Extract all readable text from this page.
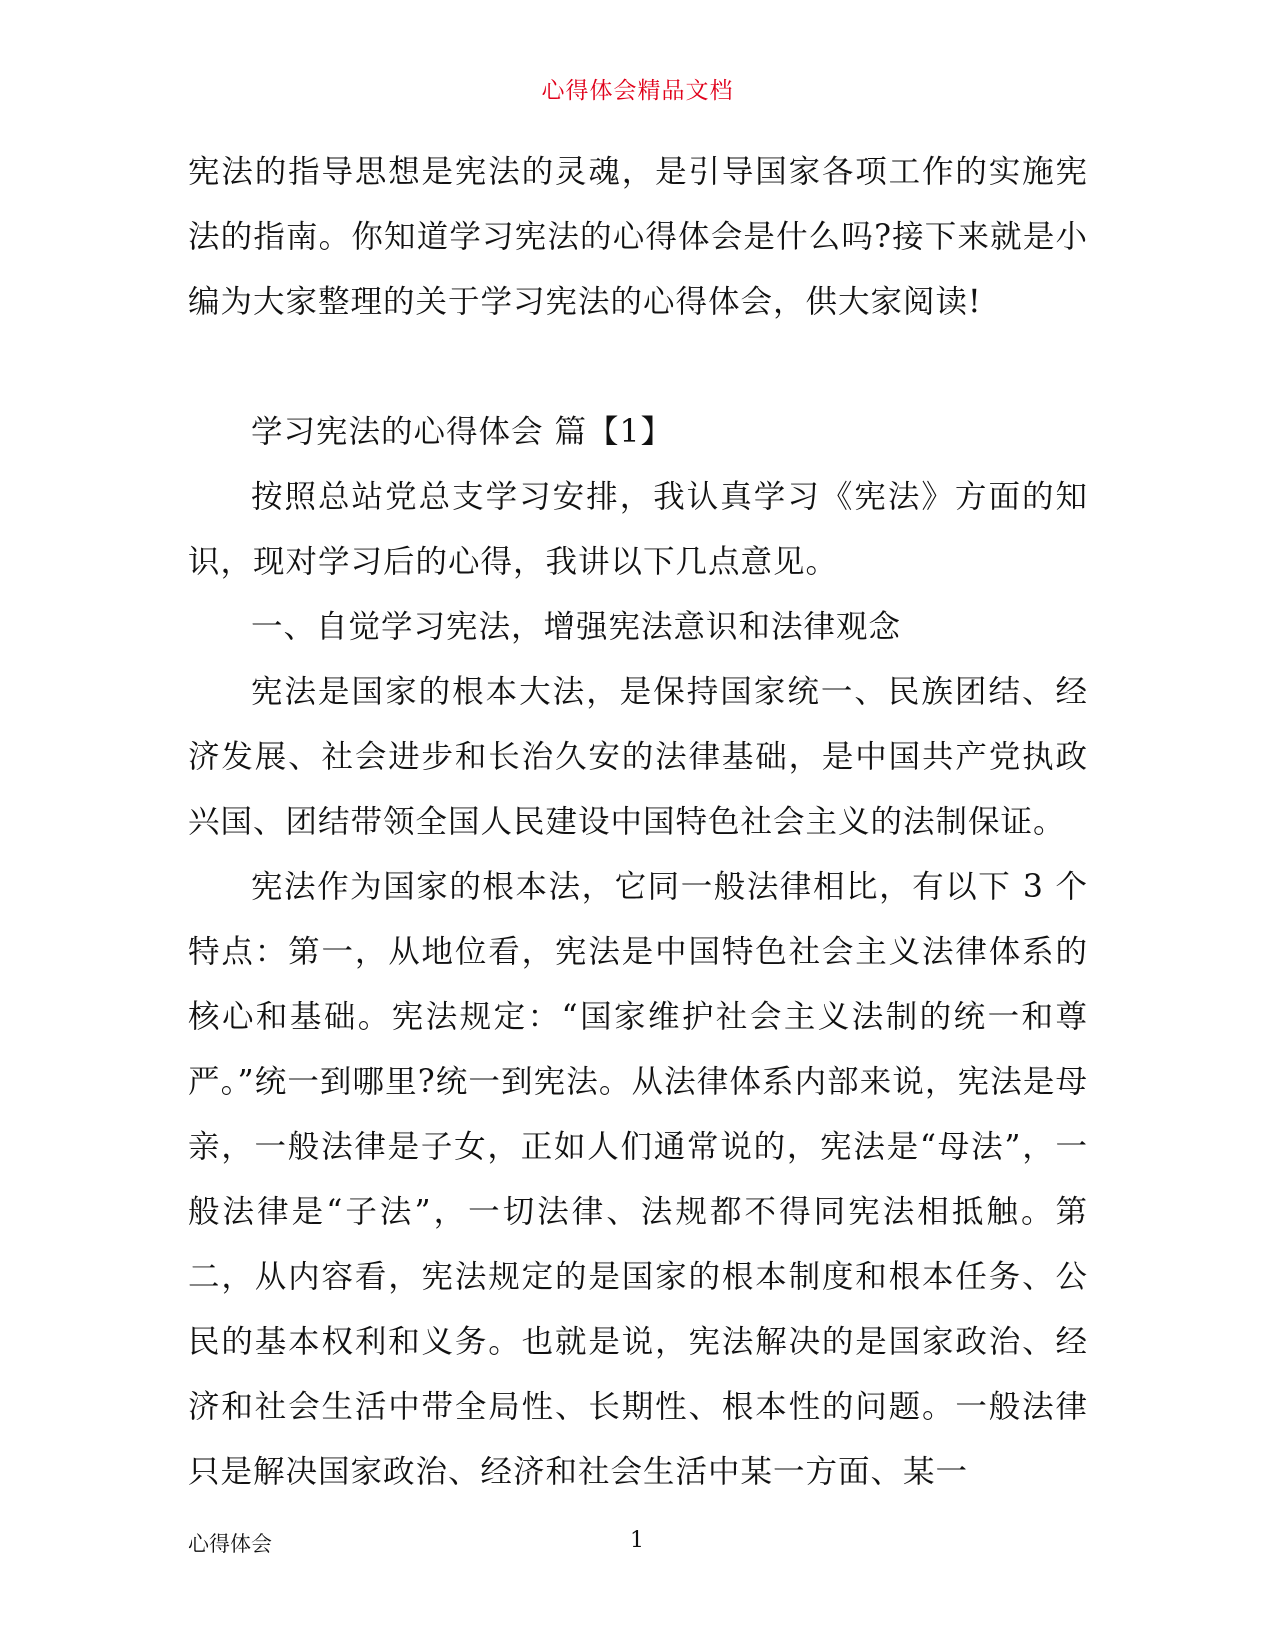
心得体会精品文档

宪法的指导思想是宪法的灵魂，是引导国家各项工作的实施宪法的指南。你知道学习宪法的心得体会是什么吗?接下来就是小编为大家整理的关于学习宪法的心得体会，供大家阅读!

学习宪法的心得体会 篇【1】

按照总站党总支学习安排，我认真学习《宪法》方面的知识，现对学习后的心得，我讲以下几点意见。

一、自觉学习宪法，增强宪法意识和法律观念

宪法是国家的根本大法，是保持国家统一、民族团结、经济发展、社会进步和长治久安的法律基础，是中国共产党执政兴国、团结带领全国人民建设中国特色社会主义的法制保证。

宪法作为国家的根本法，它同一般法律相比，有以下 3 个特点：第一，从地位看，宪法是中国特色社会主义法律体系的核心和基础。宪法规定：“国家维护社会主义法制的统一和尊严。”统一到哪里?统一到宪法。从法律体系内部来说，宪法是母亲，一般法律是子女，正如人们通常说的，宪法是“母法”，一般法律是“子法”，一切法律、法规都不得同宪法相抵触。第二，从内容看，宪法规定的是国家的根本制度和根本任务、公民的基本权利和义务。也就是说，宪法解决的是国家政治、经济和社会生活中带全局性、长期性、根本性的问题。一般法律只是解决国家政治、经济和社会生活中某一方面、某一

心得体会	1
